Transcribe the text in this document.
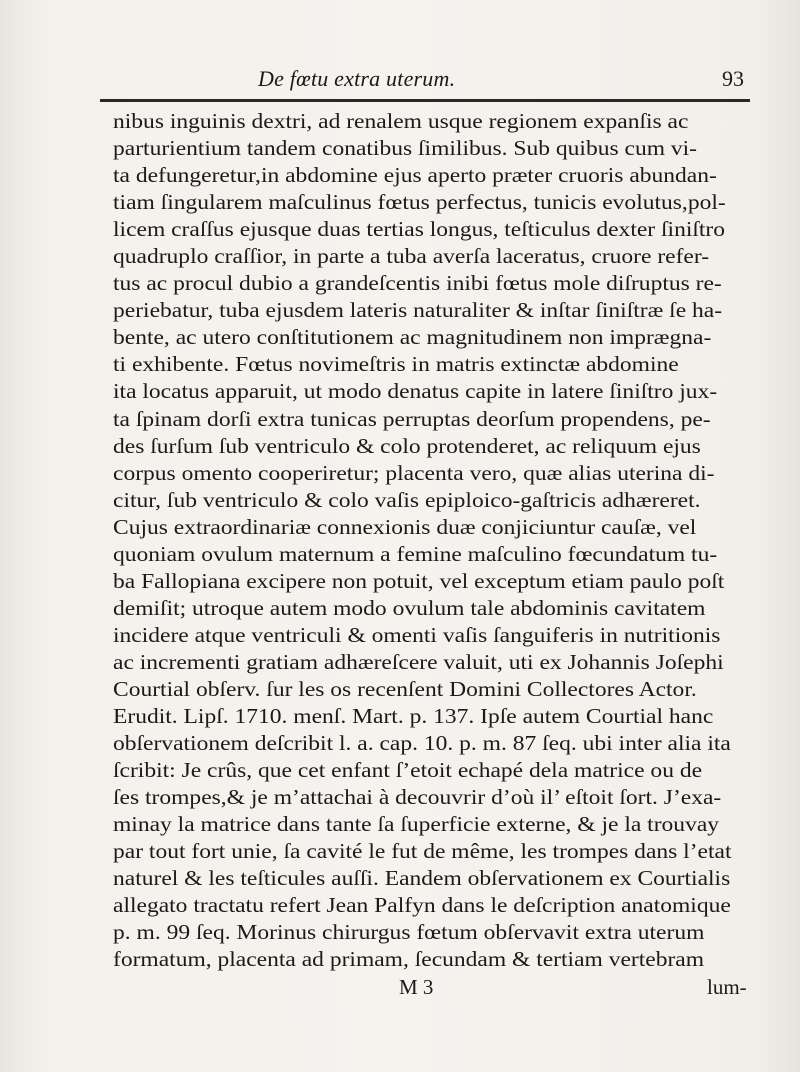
De fœtu extra uterum.	93
nibus inguinis dextri, ad renalem usque regionem expanſis ac
parturientium tandem conatibus ſimilibus. Sub quibus cum vi-
ta defungeretur,in abdomine ejus aperto præter cruoris abundan-
tiam ſingularem maſculinus fœtus perfectus, tunicis evolutus,pol-
licem craſſus ejusque duas tertias longus, teſticulus dexter ſiniſtro
quadruplo craſſior, in parte a tuba averſa laceratus, cruore refer-
tus ac procul dubio a grandeſcentis inibi fœtus mole diſruptus re-
periebatur, tuba ejusdem lateris naturaliter & inſtar ſiniſtræ ſe ha-
bente, ac utero conſtitutionem ac magnitudinem non imprægna-
ti exhibente. Fœtus novimeſtris in matris extinctæ abdomine
ita locatus apparuit, ut modo denatus capite in latere ſiniſtro jux-
ta ſpinam dorſi extra tunicas perruptas deorſum propendens, pe-
des ſurſum ſub ventriculo & colo protenderet, ac reliquum ejus
corpus omento cooperiretur; placenta vero, quæ alias uterina di-
citur, ſub ventriculo & colo vaſis epiploico-gaſtricis adhæreret.
Cujus extraordinariæ connexionis duæ conjiciuntur cauſæ, vel
quoniam ovulum maternum a femine maſculino fœcundatum tu-
ba Fallopiana excipere non potuit, vel exceptum etiam paulo poſt
demiſit; utroque autem modo ovulum tale abdominis cavitatem
incidere atque ventriculi & omenti vaſis ſanguiferis in nutritionis
ac incrementi gratiam adhæreſcere valuit, uti ex Johannis Joſephi
Courtial obſerv. ſur les os recenſent Domini Collectores Actor.
Erudit. Lipſ. 1710. menſ. Mart. p. 137. Ipſe autem Courtial hanc
obſervationem deſcribit l. a. cap. 10. p. m. 87 ſeq. ubi inter alia ita
ſcribit: Je crûs, que cet enfant ſ’etoit echapé dela matrice ou de
ſes trompes,& je m’attachai à decouvrir d’où il’ eſtoit ſort. J’exa-
minay la matrice dans tante ſa ſuperficie externe, & je la trouvay
par tout fort unie, ſa cavité le fut de même, les trompes dans l’etat
naturel & les teſticules auſſi. Eandem obſervationem ex Courtialis
allegato tractatu refert Jean Palfyn dans le deſcription anatomique
p. m. 99 ſeq. Morinus chirurgus fœtum obſervavit extra uterum
formatum, placenta ad primam, ſecundam & tertiam vertebram
M 3	lum-
